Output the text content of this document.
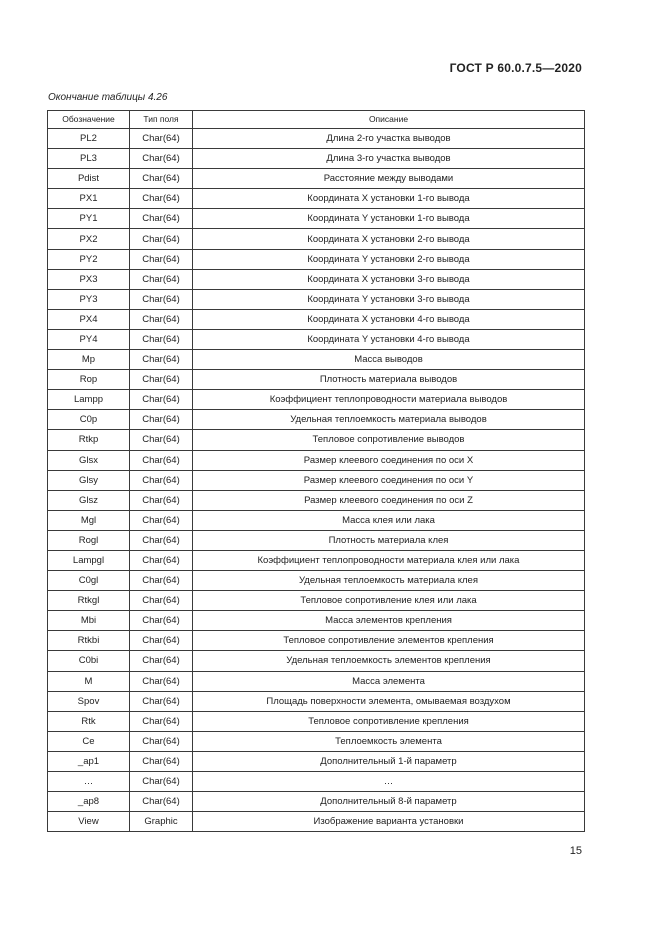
ГОСТ Р 60.0.7.5—2020
Окончание таблицы 4.26
Обозначение	Тип поля	Описание
PL2	Char(64)	Длина 2-го участка выводов
PL3	Char(64)	Длина 3-го участка выводов
Pdist	Char(64)	Расстояние между выводами
PX1	Char(64)	Координата X установки 1-го вывода
PY1	Char(64)	Координата Y установки 1-го вывода
PX2	Char(64)	Координата X установки 2-го вывода
PY2	Char(64)	Координата Y установки 2-го вывода
PX3	Char(64)	Координата X установки 3-го вывода
PY3	Char(64)	Координата Y установки 3-го вывода
PX4	Char(64)	Координата X установки 4-го вывода
PY4	Char(64)	Координата Y установки 4-го вывода
Mp	Char(64)	Масса выводов
Rop	Char(64)	Плотность материала выводов
Lampp	Char(64)	Коэффициент теплопроводности материала выводов
C0p	Char(64)	Удельная теплоемкость материала выводов
Rtkp	Char(64)	Тепловое сопротивление выводов
Glsx	Char(64)	Размер клеевого соединения по оси X
Glsy	Char(64)	Размер клеевого соединения по оси Y
Glsz	Char(64)	Размер клеевого соединения по оси Z
Mgl	Char(64)	Масса клея или лака
Rogl	Char(64)	Плотность материала клея
Lampgl	Char(64)	Коэффициент теплопроводности материала клея или лака
C0gl	Char(64)	Удельная теплоемкость материала клея
Rtkgl	Char(64)	Тепловое сопротивление клея или лака
Mbi	Char(64)	Масса элементов крепления
Rtkbi	Char(64)	Тепловое сопротивление элементов крепления
C0bi	Char(64)	Удельная теплоемкость элементов крепления
M	Char(64)	Масса элемента
Spov	Char(64)	Площадь поверхности элемента, омываемая воздухом
Rtk	Char(64)	Тепловое сопротивление крепления
Ce	Char(64)	Теплоемкость элемента
_ap1	Char(64)	Дополнительный 1-й параметр
…	Char(64)	…
_ap8	Char(64)	Дополнительный 8-й параметр
View	Graphic	Изображение варианта установки
15
